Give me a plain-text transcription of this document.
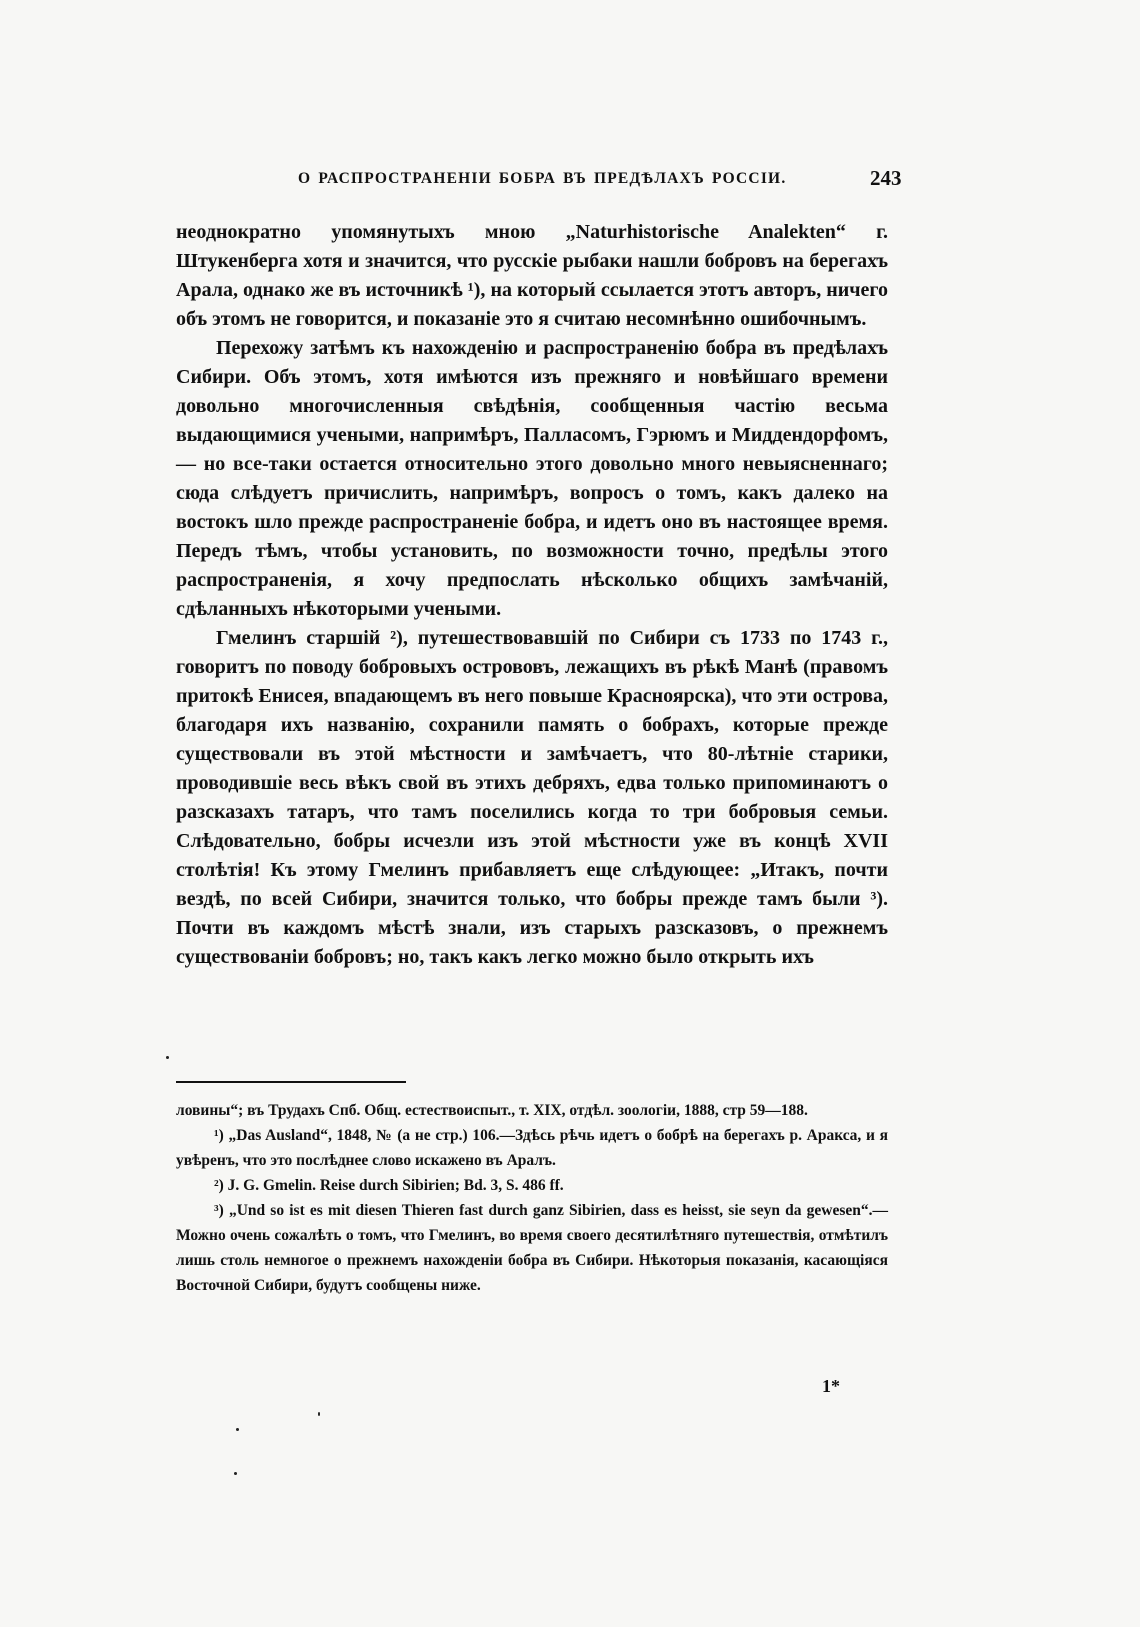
О РАСПРОСТРАНЕНІИ БОБРА ВЪ ПРЕДѢЛАХЪ РОССІИ.	243

неоднократно упомянутыхъ мною „Naturhistorische Analekten“ г. Штукенберга хотя и значится, что русскіе рыбаки нашли бобровъ на берегахъ Арала, однако же въ источникѣ ¹), на который ссылается этотъ авторъ, ничего объ этомъ не говорится, и показаніе это я считаю несомнѣнно ошибочнымъ.

Перехожу затѣмъ къ нахожденію и распространенію бобра въ предѣлахъ Сибири. Объ этомъ, хотя имѣются изъ прежняго и новѣйшаго времени довольно многочисленныя свѣдѣнія, сообщенныя частію весьма выдающимися учеными, напримѣръ, Палласомъ, Гэрюмъ и Миддендорфомъ, — но все-таки остается относительно этого довольно много невыясненнаго; сюда слѣдуетъ причислить, напримѣръ, вопросъ о томъ, какъ далеко на востокъ шло прежде распространеніе бобра, и идетъ оно въ настоящее время. Передъ тѣмъ, чтобы установить, по возможности точно, предѣлы этого распространенія, я хочу предпослать нѣсколько общихъ замѣчаній, сдѣланныхъ нѣкоторыми учеными.

Гмелинъ старшій ²), путешествовавшій по Сибири съ 1733 по 1743 г., говоритъ по поводу бобровыхъ острововъ, лежащихъ въ рѣкѣ Манѣ (правомъ притокѣ Енисея, впадающемъ въ него повыше Красноярска), что эти острова, благодаря ихъ названію, сохранили память о бобрахъ, которые прежде существовали въ этой мѣстности и замѣчаетъ, что 80-лѣтніе старики, проводившіе весь вѣкъ свой въ этихъ дебряхъ, едва только припоминаютъ о разсказахъ татаръ, что тамъ поселились когда то три бобровыя семьи. Слѣдовательно, бобры исчезли изъ этой мѣстности уже въ концѣ XVII столѣтія! Къ этому Гмелинъ прибавляетъ еще слѣдующее: „Итакъ, почти вездѣ, по всей Сибири, значится только, что бобры прежде тамъ были ³). Почти въ каждомъ мѣстѣ знали, изъ старыхъ разсказовъ, о прежнемъ существованіи бобровъ; но, такъ какъ легко можно было открыть ихъ

ловины“; въ Трудахъ Спб. Общ. естествоиспыт., т. XIX, отдѣл. зоологіи, 1888, стр 59—188.

¹) „Das Ausland“, 1848, № (а не стр.) 106.—Здѣсь рѣчь идетъ о бобрѣ на берегахъ р. Араксa, и я увѣренъ, что это послѣднее слово искажено въ Аралъ.

²) J. G. Gmelin. Reise durch Sibirien; Bd. 3, S. 486 ff.

³) „Und so ist es mit diesen Thieren fast durch ganz Sibirien, dass es heisst, sie seyn da gewesen“.—Можно очень сожалѣть о томъ, что Гмелинъ, во время своего десятилѣтняго путешествія, отмѣтилъ лишь столь немногое о прежнемъ нахожденіи бобра въ Сибири. Нѣкоторыя показанія, касающіяся Восточной Сибири, будутъ сообщены ниже.

1*
